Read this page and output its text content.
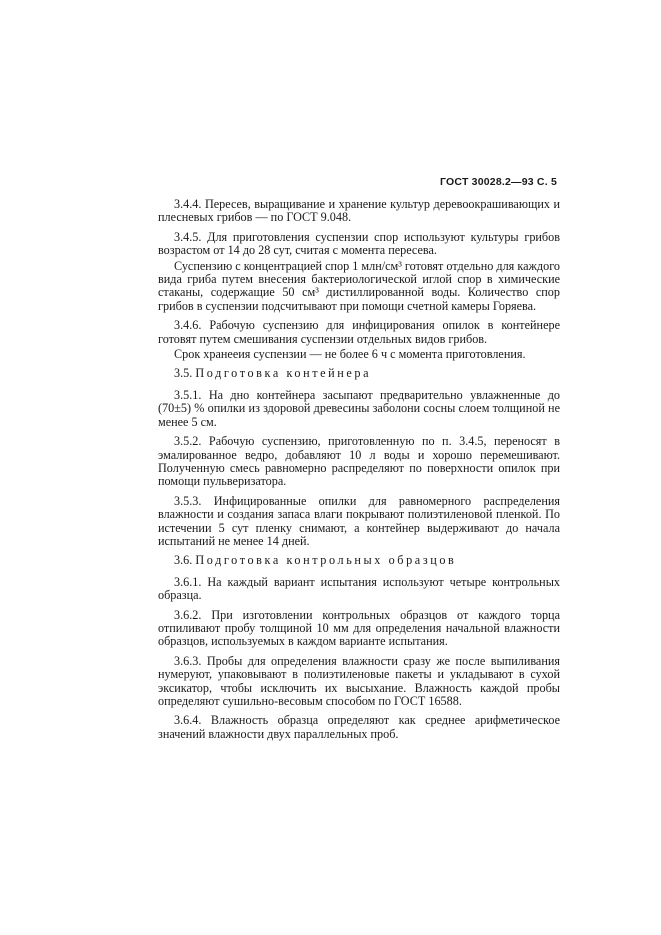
ГОСТ 30028.2—93 С. 5

3.4.4. Пересев, выращивание и хранение культур деревоокрашивающих и плесневых грибов — по ГОСТ 9.048.

3.4.5. Для приготовления суспензии спор используют культуры грибов возрастом от 14 до 28 сут, считая с момента пересева.

Суспензию с концентрацией спор 1 млн/см³ готовят отдельно для каждого вида гриба путем внесения бактериологической иглой спор в химические стаканы, содержащие 50 см³ дистиллированной воды. Количество спор грибов в суспензии подсчитывают при помощи счетной камеры Горяева.

3.4.6. Рабочую суспензию для инфицирования опилок в контейнере готовят путем смешивания суспензии отдельных видов грибов.

Срок хранееия суспензии — не более 6 ч с момента приготовления.

3.5. Подготовка контейнера

3.5.1. На дно контейнера засыпают предварительно увлажненные до (70±5) % опилки из здоровой древесины заболони сосны слоем толщиной не менее 5 см.

3.5.2. Рабочую суспензию, приготовленную по п. 3.4.5, переносят в эмалированное ведро, добавляют 10 л воды и хорошо перемешивают. Полученную смесь равномерно распределяют по поверхности опилок при помощи пульверизатора.

3.5.3. Инфицированные опилки для равномерного распределения влажности и создания запаса влаги покрывают полиэтиленовой пленкой. По истечении 5 сут пленку снимают, а контейнер выдерживают до начала испытаний не менее 14 дней.

3.6. Подготовка контрольных образцов

3.6.1. На каждый вариант испытания используют четыре контрольных образца.

3.6.2. При изготовлении контрольных образцов от каждого торца отпиливают пробу толщиной 10 мм для определения начальной влажности образцов, используемых в каждом варианте испытания.

3.6.3. Пробы для определения влажности сразу же после выпиливания нумеруют, упаковывают в полиэтиленовые пакеты и укладывают в сухой эксикатор, чтобы исключить их высыхание. Влажность каждой пробы определяют сушильно-весовым способом по ГОСТ 16588.

3.6.4. Влажность образца определяют как среднее арифметическое значений влажности двух параллельных проб.
